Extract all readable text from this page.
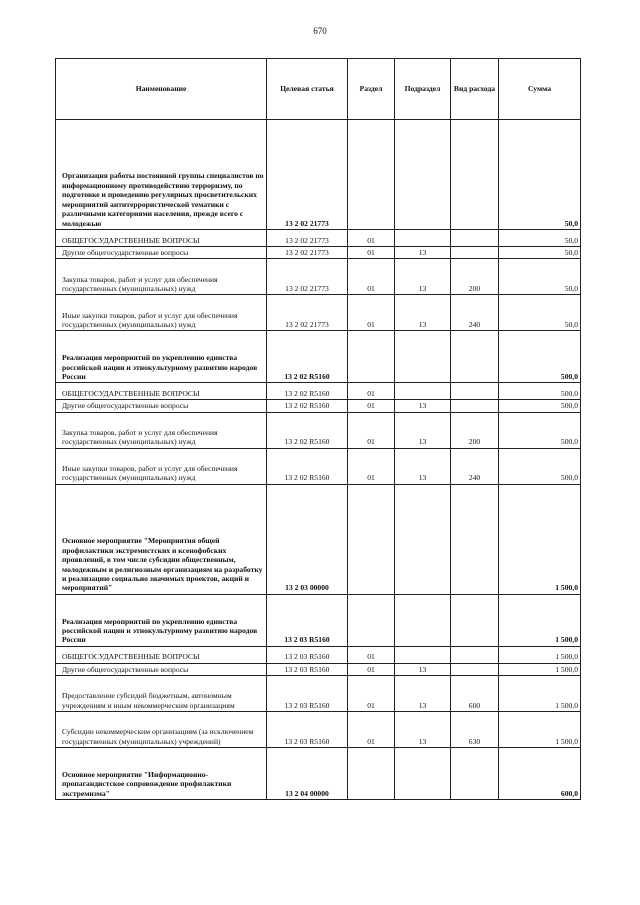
670
Наименование	Целевая статья	Раздел	Подраздел	Вид расхода	Сумма
Организация работы постоянной группы специалистов по информационному противодействию терроризму, по подготовке и проведению регулярных просветительских мероприятий антитеррористической тематики с различными категориями населения, прежде всего с молодежью	13 2 02 21773				50,0
ОБЩЕГОСУДАРСТВЕННЫЕ ВОПРОСЫ	13 2 02 21773	01			50,0
Другие общегосударственные вопросы	13 2 02 21773	01	13		50,0
Закупка товаров, работ и услуг для обеспечения государственных (муниципальных) нужд	13 2 02 21773	01	13	200	50,0
Иные закупки товаров, работ и услуг для обеспечения государственных (муниципальных) нужд	13 2 02 21773	01	13	240	50,0
Реализация мероприятий по укреплению единства российской нации и этнокультурному развитию народов России	13 2 02 R5160				500,0
ОБЩЕГОСУДАРСТВЕННЫЕ ВОПРОСЫ	13 2 02 R5160	01			500,0
Другие общегосударственные вопросы	13 2 02 R5160	01	13		500,0
Закупка товаров, работ и услуг для обеспечения государственных (муниципальных) нужд	13 2 02 R5160	01	13	200	500,0
Иные закупки товаров, работ и услуг для обеспечения государственных (муниципальных) нужд	13 2 02 R5160	01	13	240	500,0
Основное мероприятие "Мероприятия общей профилактики экстремистских и ксенофобских проявлений, в том числе субсидии общественным, молодежным и религиозным организациям на разработку и реализацию социально значимых проектов, акций и мероприятий"	13 2 03 00000				1 500,0
Реализация мероприятий по укреплению единства российской нации и этнокультурному развитию народов России	13 2 03 R5160				1 500,0
ОБЩЕГОСУДАРСТВЕННЫЕ ВОПРОСЫ	13 2 03 R5160	01			1 500,0
Другие общегосударственные вопросы	13 2 03 R5160	01	13		1 500,0
Предоставление субсидий бюджетным, автономным учреждениям и иным некоммерческим организациям	13 2 03 R5160	01	13	600	1 500,0
Субсидии некоммерческим организациям (за исключением государственных (муниципальных) учреждений)	13 2 03 R5160	01	13	630	1 500,0
Основное мероприятие "Информационно-пропагандистское сопровождение профилактики экстремизма"	13 2 04 00000				600,0
